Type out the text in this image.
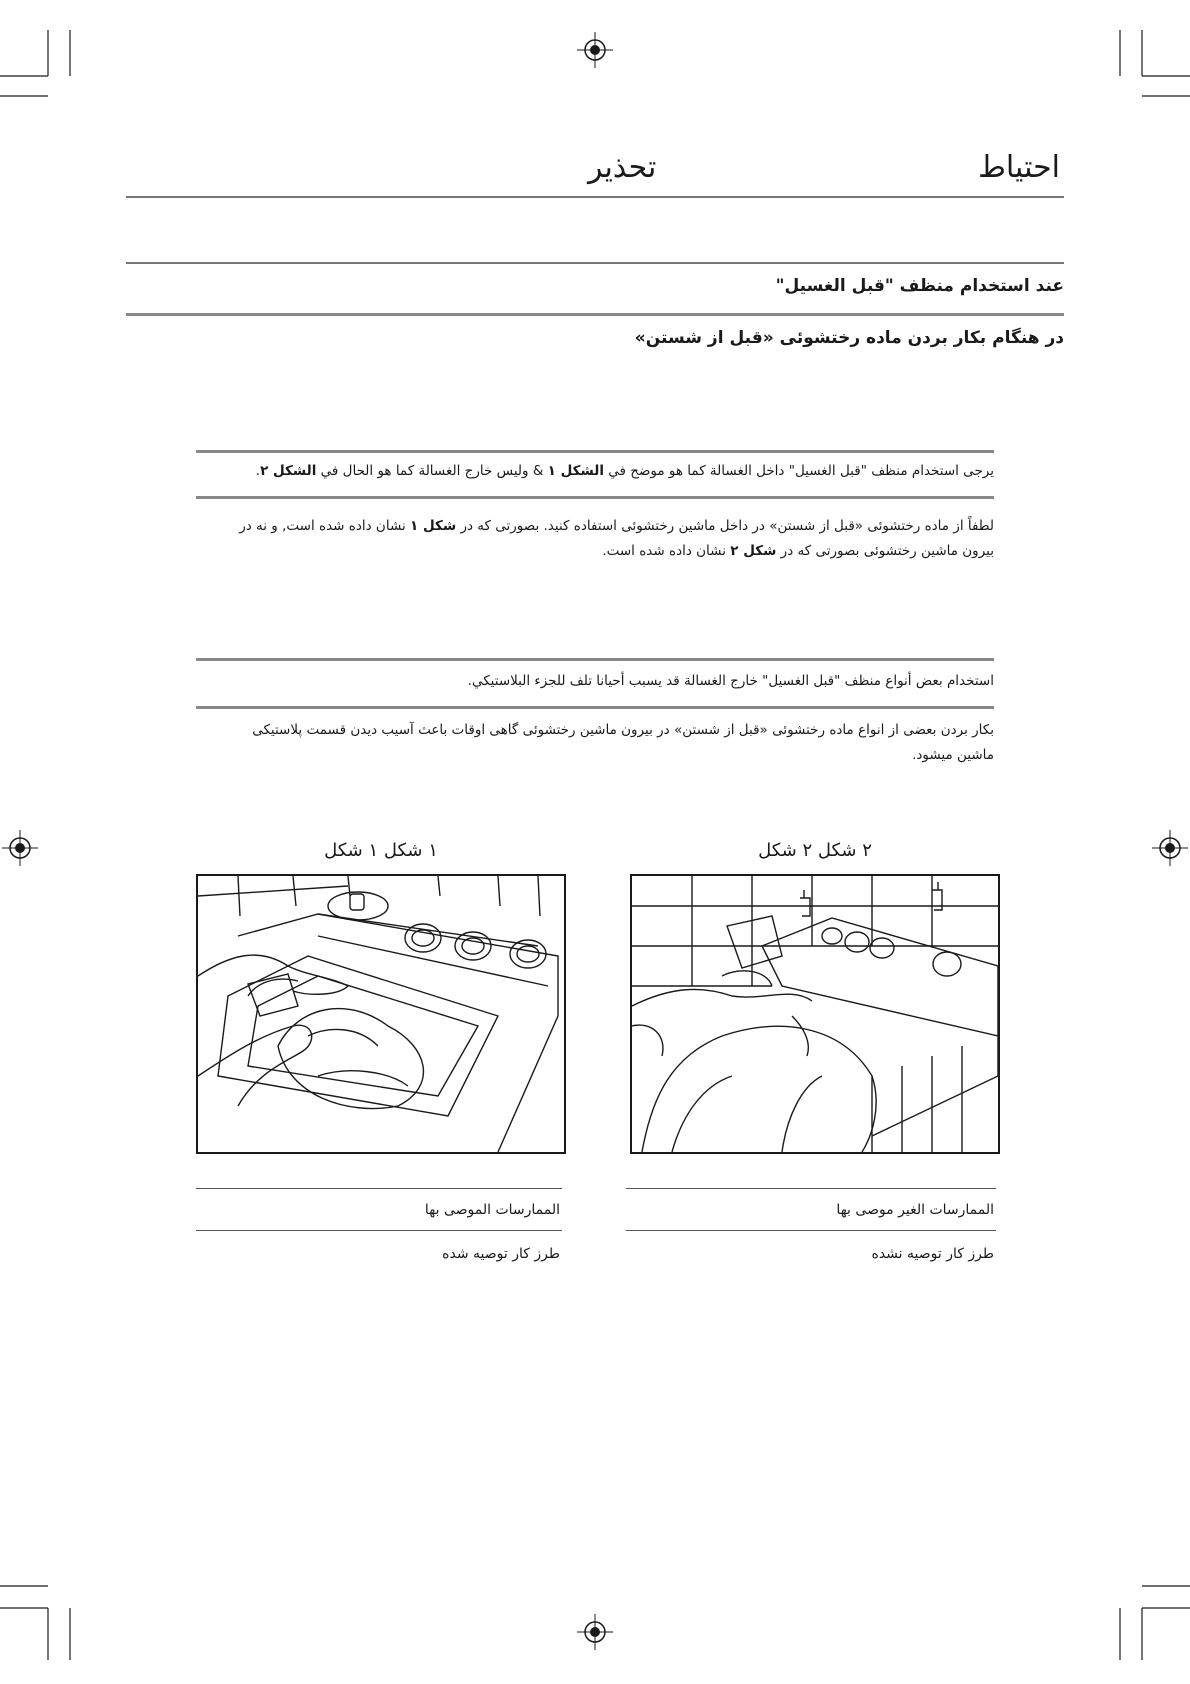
احتياط
تحذير
عند استخدام منظف "قبل الغسيل"
در هنگام بکار بردن ماده رختشوئی «قبل از شستن»
يرجى استخدام منظف "قبل الغسيل" داخل الغسالة كما هو موضح في الشكل ١ & وليس خارج الغسالة كما هو الحال في الشكل ٢.
لطفاً از ماده رختشوئی «قبل از شستن» در داخل ماشین رختشوئی استفاده کنید. بصورتی که در شکل ۱ نشان داده شده است, و نه در
بیرون ماشین رختشوئی بصورتی که در شکل ۲ نشان داده شده است.
استخدام بعض أنواع منظف "قبل الغسيل" خارج الغسالة قد يسبب أحيانا تلف للجزء البلاستيكي.
بکار بردن بعضی از انواع ماده رختشوئی «قبل از شستن» در بیرون ماشین رختشوئی گاهی اوقات باعث آسیب دیدن قسمت پلاستیکی
ماشین میشود.
١ شكل ١ شکل	٢ شكل ٢ شکل
الممارسات الموصى بها
طرز کار توصیه شده
الممارسات الغير موصى بها
طرز کار توصیه نشده
